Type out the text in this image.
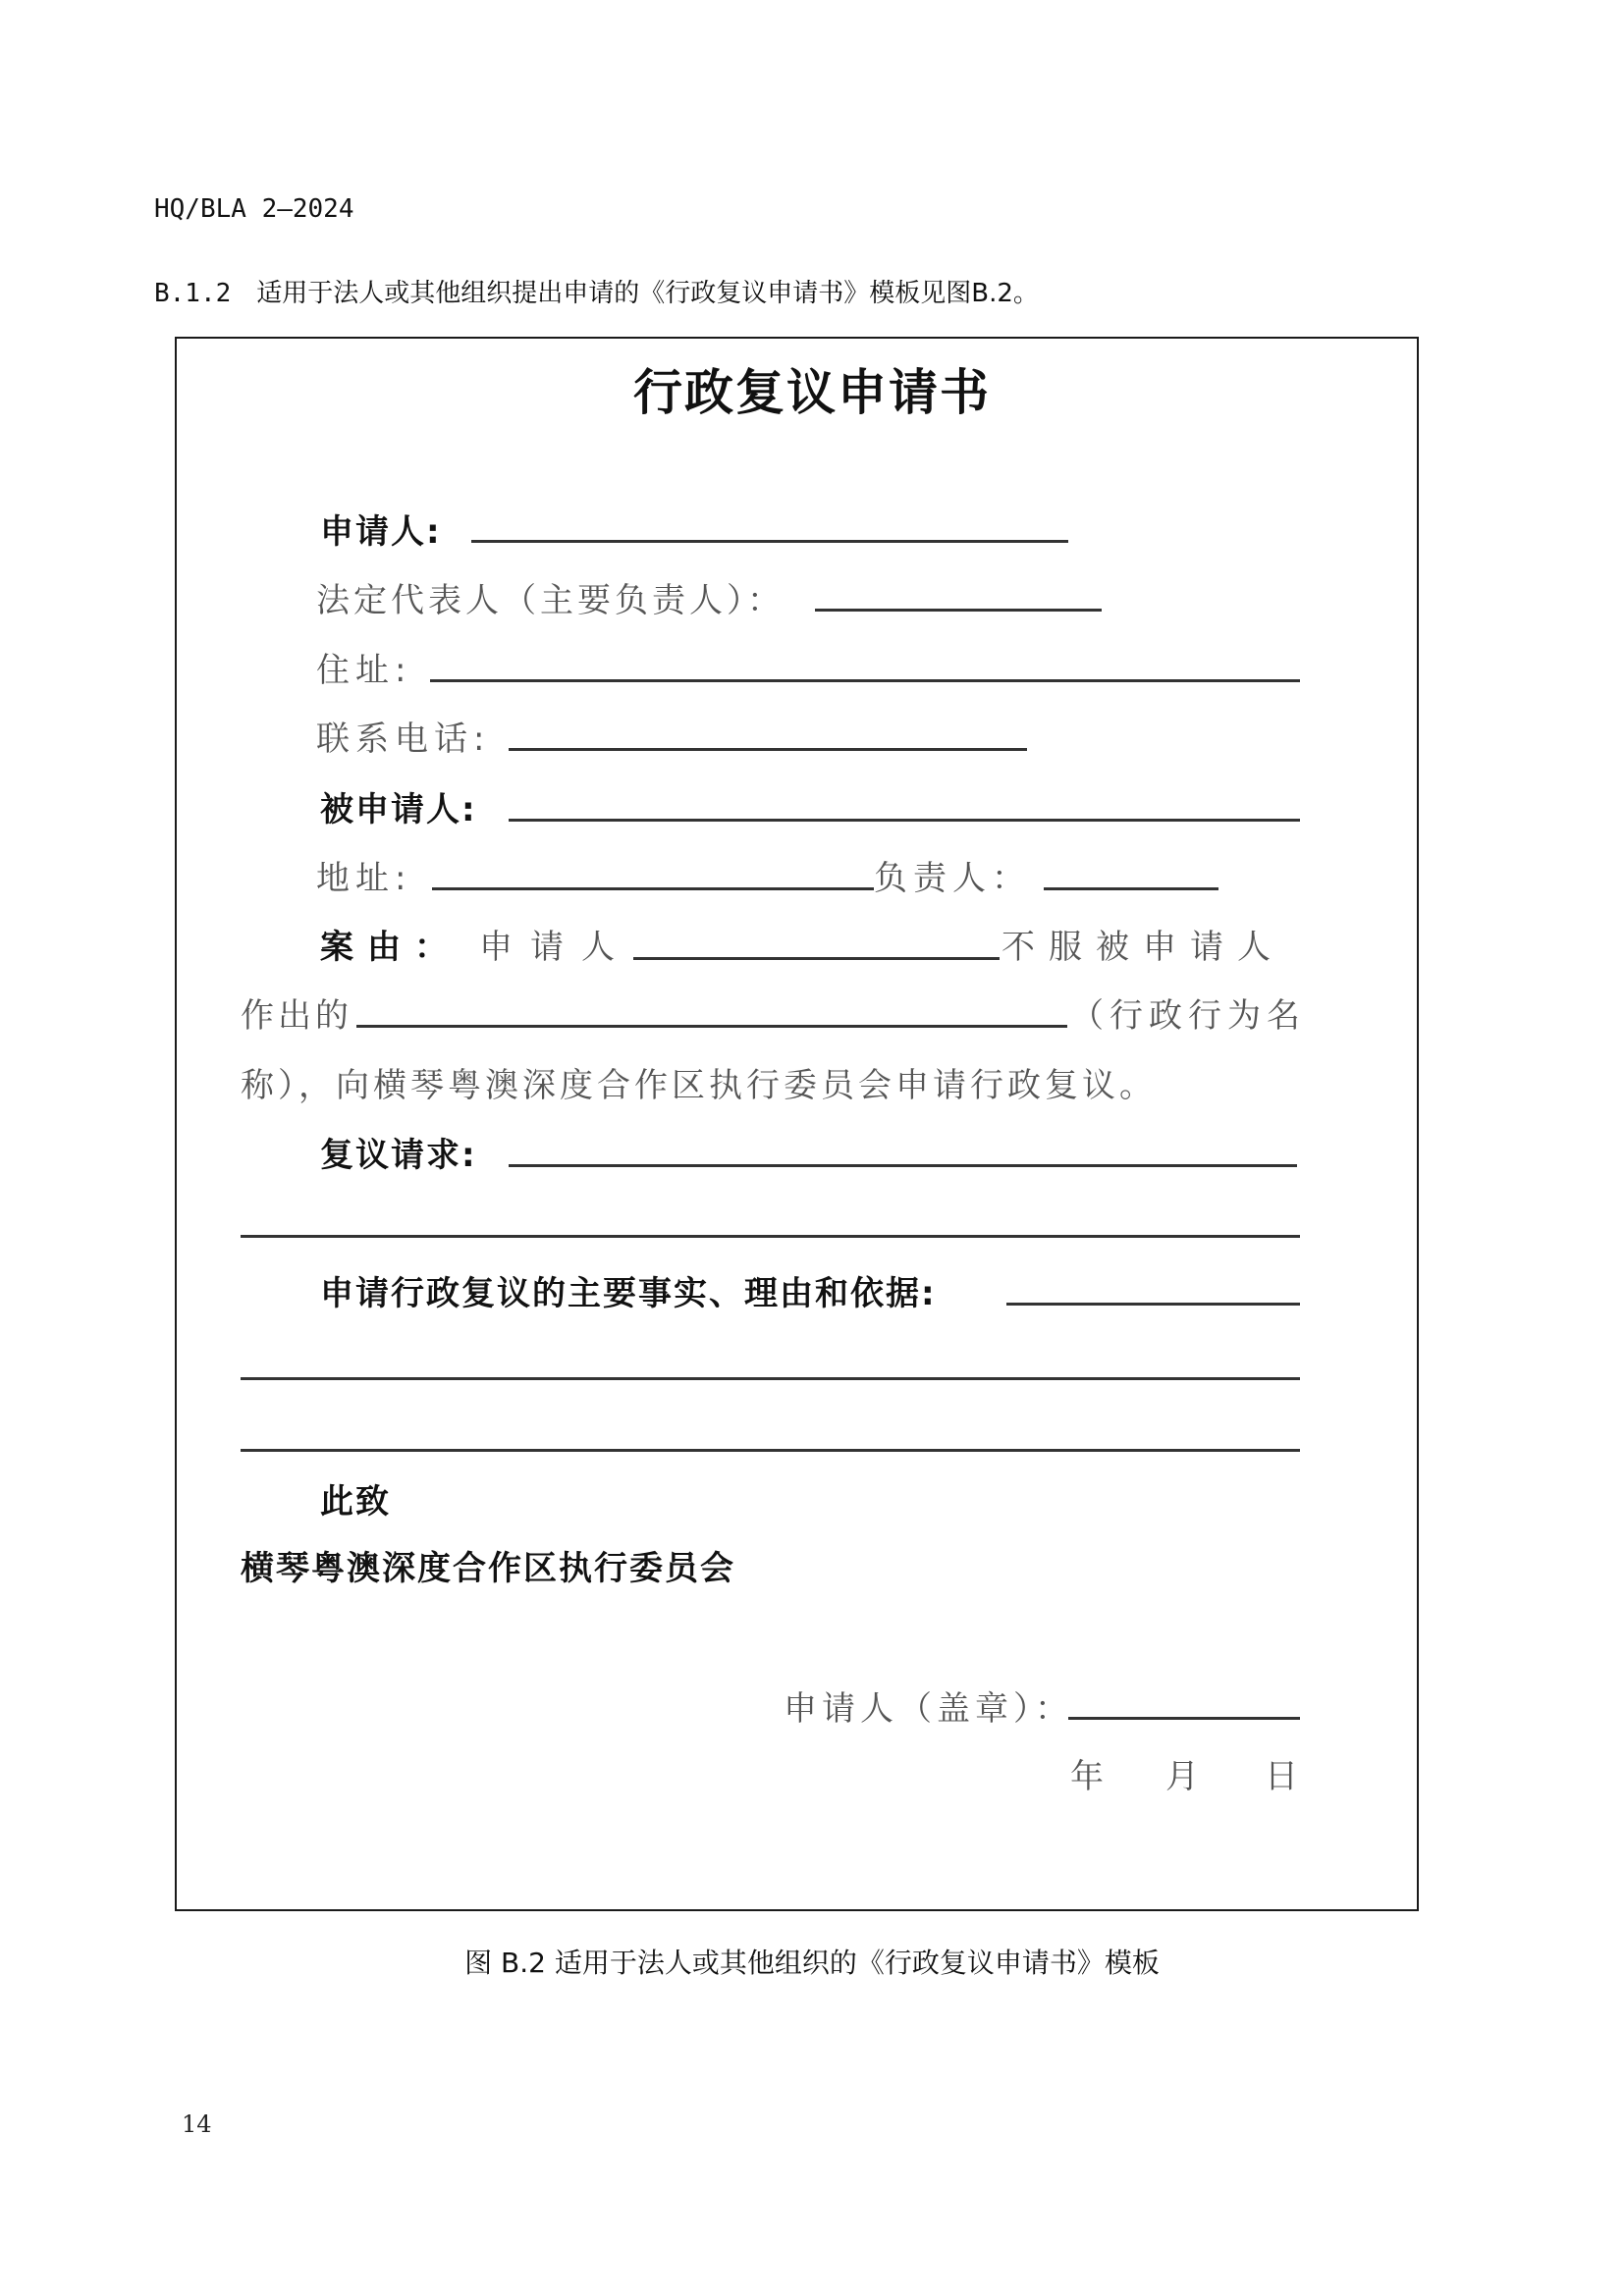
HQ/BLA 2—2024
B.1.2 适用于法人或其他组织提出申请的《行政复议申请书》模板见图B.2。
行政复议申请书
申请人:
法定代表人（主要负责人）：
住址:
联系电话:
被申请人:
地址:	负责人：
案由： 申请人	不服被申请人
作出的	（行政行为名
称），向横琴粤澳深度合作区执行委员会申请行政复议。
复议请求:
申请行政复议的主要事实、理由和依据:
此致
横琴粤澳深度合作区执行委员会
申请人（盖章）：
年 月 日
图 B.2 适用于法人或其他组织的《行政复议申请书》模板
14
